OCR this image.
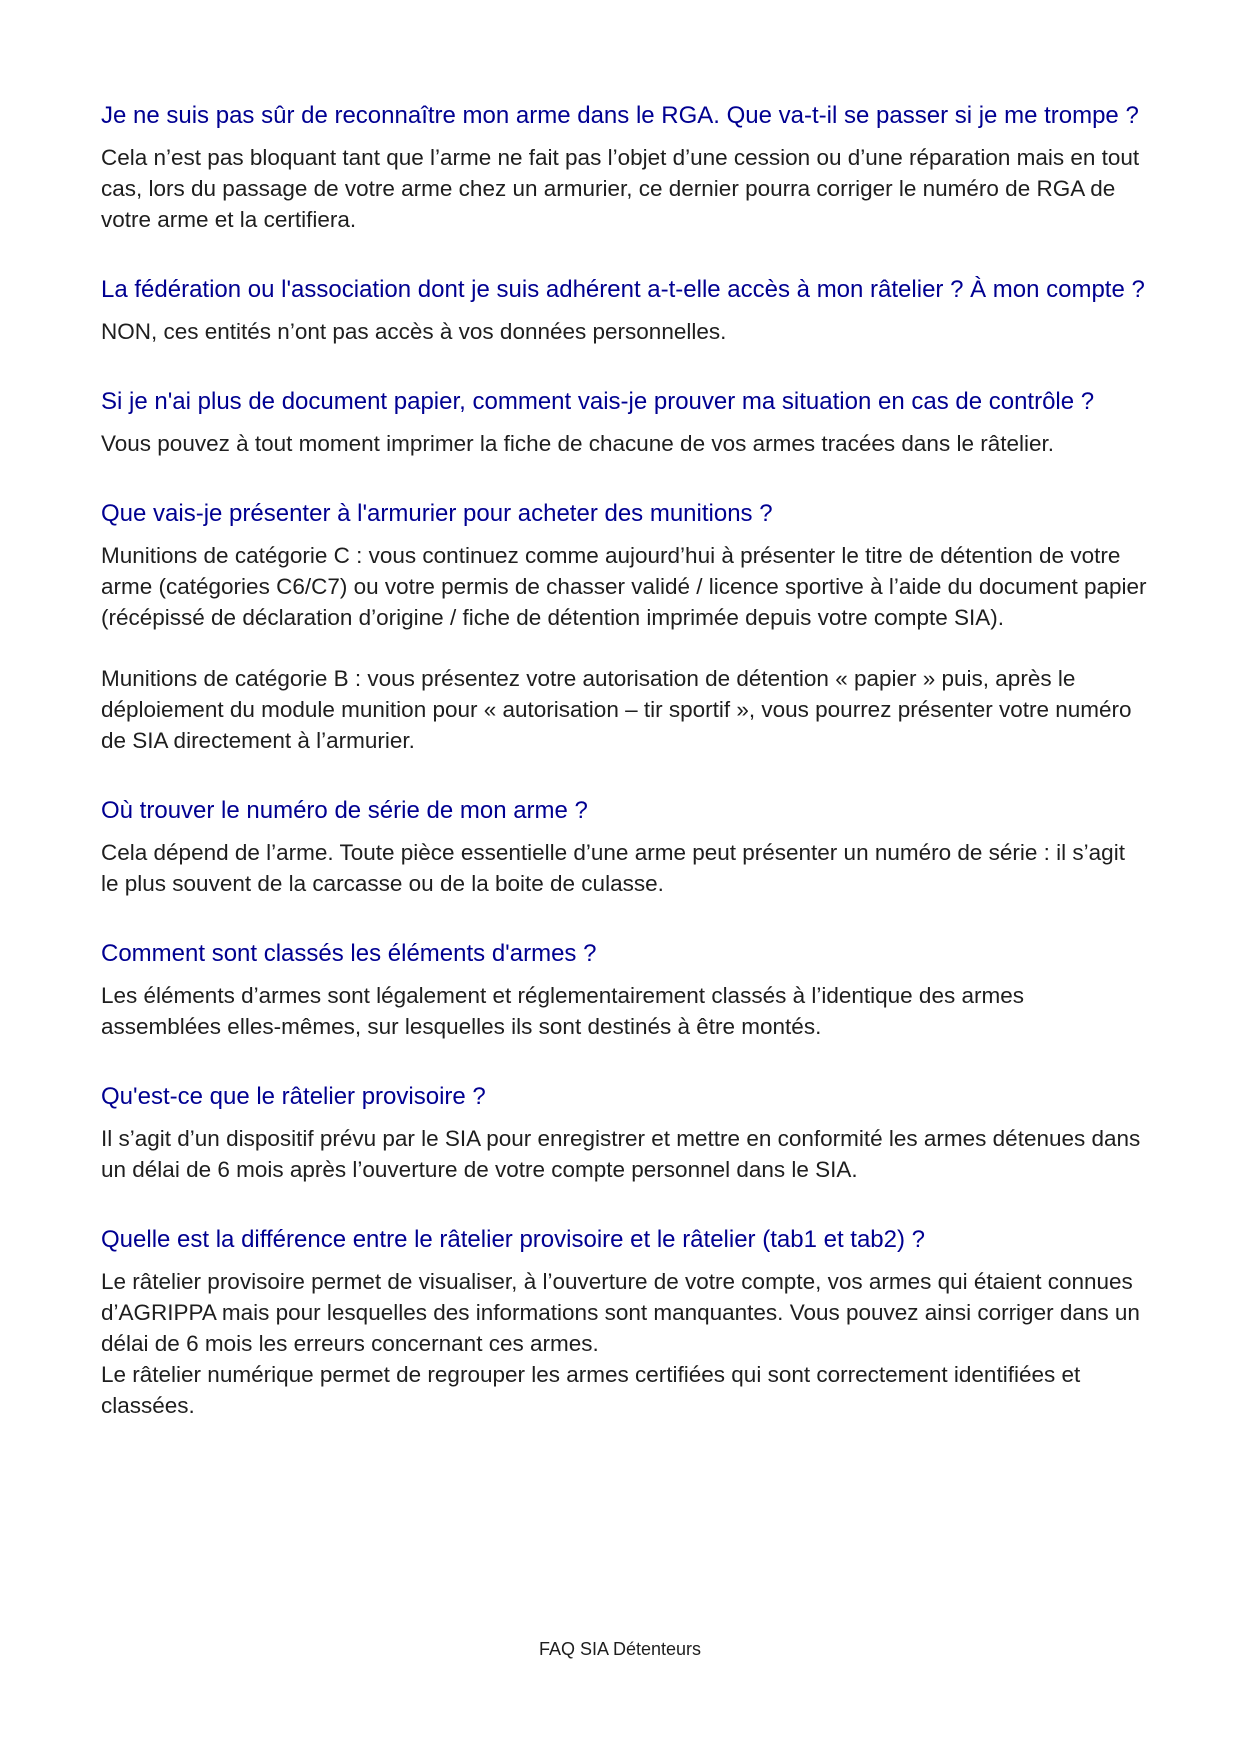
Je ne suis pas sûr de reconnaître mon arme dans le RGA. Que va-t-il se passer si je me trompe ?

Cela n’est pas bloquant tant que l’arme ne fait pas l’objet d’une cession ou d’une réparation mais en tout cas, lors du passage de votre arme chez un armurier, ce dernier pourra corriger le numéro de RGA de votre arme et la certifiera.

La fédération ou l'association dont je suis adhérent a-t-elle accès à mon râtelier ? À mon compte ?

NON, ces entités n’ont pas accès à vos données personnelles.

Si je n'ai plus de document papier, comment vais-je prouver ma situation en cas de contrôle ?

Vous pouvez à tout moment imprimer la fiche de chacune de vos armes tracées dans le râtelier.

Que vais-je présenter à l'armurier pour acheter des munitions ?

Munitions de catégorie C : vous continuez comme aujourd’hui à présenter le titre de détention de votre arme (catégories C6/C7) ou votre permis de chasser validé / licence sportive à l’aide du document papier (récépissé de déclaration d’origine / fiche de détention imprimée depuis votre compte SIA).

Munitions de catégorie B : vous présentez votre autorisation de détention « papier » puis, après le déploiement du module munition pour « autorisation – tir sportif », vous pourrez présenter votre numéro de SIA directement à l’armurier.

Où trouver le numéro de série de mon arme ?

Cela dépend de l’arme. Toute pièce essentielle d’une arme peut présenter un numéro de série : il s’agit le plus souvent de la carcasse ou de la boite de culasse.

Comment sont classés les éléments d'armes ?

Les éléments d’armes sont légalement et réglementairement classés à l’identique des armes assemblées elles-mêmes, sur lesquelles ils sont destinés à être montés.

Qu'est-ce que le râtelier provisoire ?

Il s’agit d’un dispositif prévu par le SIA pour enregistrer et mettre en conformité les armes détenues dans un délai de 6 mois après l’ouverture de votre compte personnel dans le SIA.

Quelle est la différence entre le râtelier provisoire et le râtelier (tab1 et tab2) ?

Le râtelier provisoire permet de visualiser, à l’ouverture de votre compte, vos armes qui étaient connues d’AGRIPPA mais pour lesquelles des informations sont manquantes. Vous pouvez ainsi corriger dans un délai de 6 mois les erreurs concernant ces armes.
Le râtelier numérique permet de regrouper les armes certifiées qui sont correctement identifiées et classées.

FAQ SIA Détenteurs
